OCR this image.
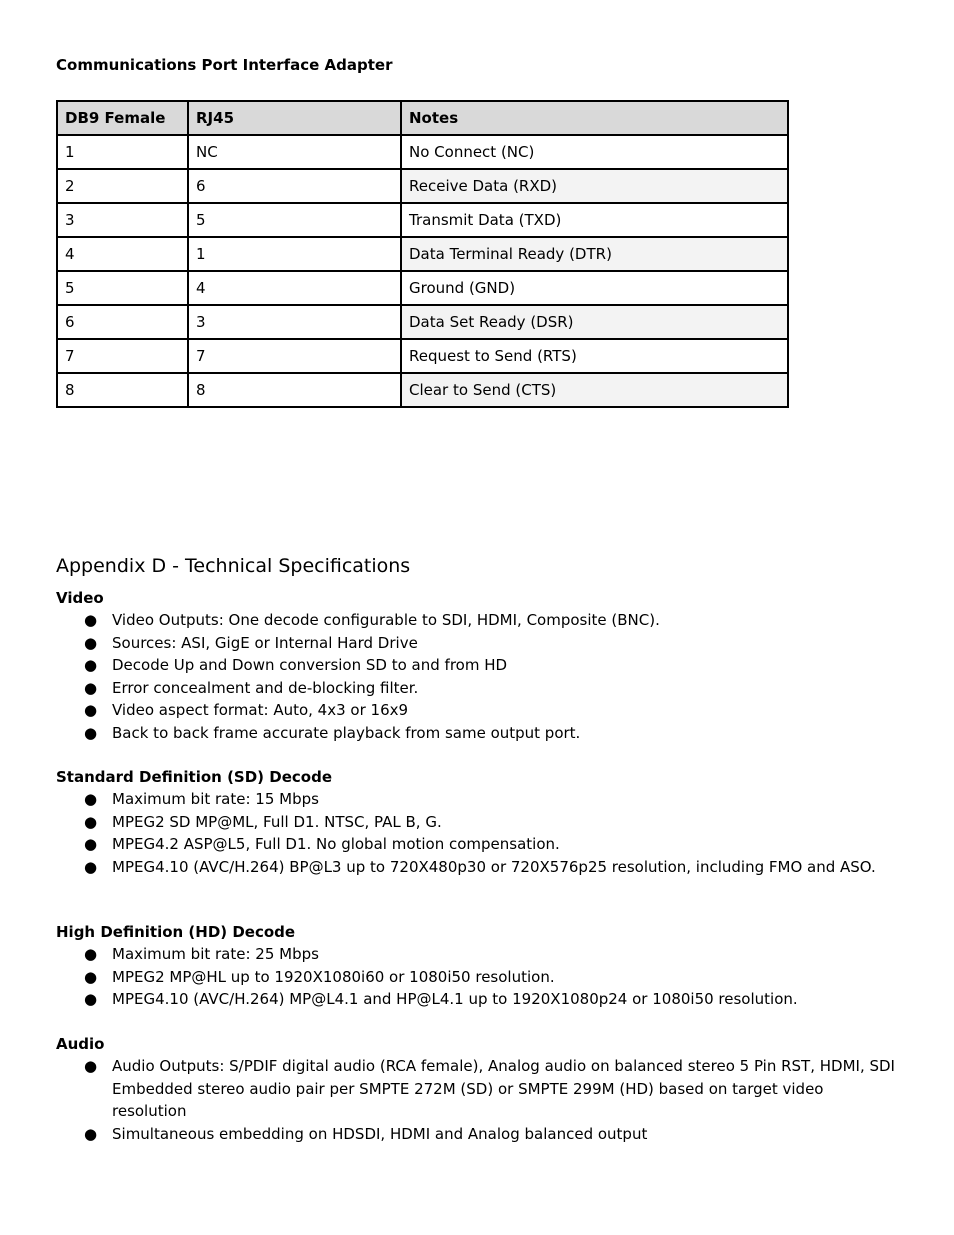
Communications Port Interface Adapter
DB9 Female	RJ45	Notes
1	NC	No Connect (NC)
2	6	Receive Data (RXD)
3	5	Transmit Data (TXD)
4	1	Data Terminal Ready (DTR)
5	4	Ground (GND)
6	3	Data Set Ready (DSR)
7	7	Request to Send (RTS)
8	8	Clear to Send (CTS)
Appendix D - Technical Specifications
Video
● Video Outputs: One decode configurable to SDI, HDMI, Composite (BNC).
● Sources: ASI, GigE or Internal Hard Drive
● Decode Up and Down conversion SD to and from HD
● Error concealment and de-blocking filter.
● Video aspect format: Auto, 4x3 or 16x9
● Back to back frame accurate playback from same output port.
Standard Definition (SD) Decode
● Maximum bit rate: 15 Mbps
● MPEG2 SD MP@ML, Full D1. NTSC, PAL B, G.
● MPEG4.2 ASP@L5, Full D1. No global motion compensation.
● MPEG4.10 (AVC/H.264) BP@L3 up to 720X480p30 or 720X576p25 resolution, including FMO and ASO.
High Definition (HD) Decode
● Maximum bit rate: 25 Mbps
● MPEG2 MP@HL up to 1920X1080i60 or 1080i50 resolution.
● MPEG4.10 (AVC/H.264) MP@L4.1 and HP@L4.1 up to 1920X1080p24 or 1080i50 resolution.
Audio
● Audio Outputs: S/PDIF digital audio (RCA female), Analog audio on balanced stereo 5 Pin RST, HDMI, SDI Embedded stereo audio pair per SMPTE 272M (SD) or SMPTE 299M (HD) based on target video resolution
● Simultaneous embedding on HDSDI, HDMI and Analog balanced output
